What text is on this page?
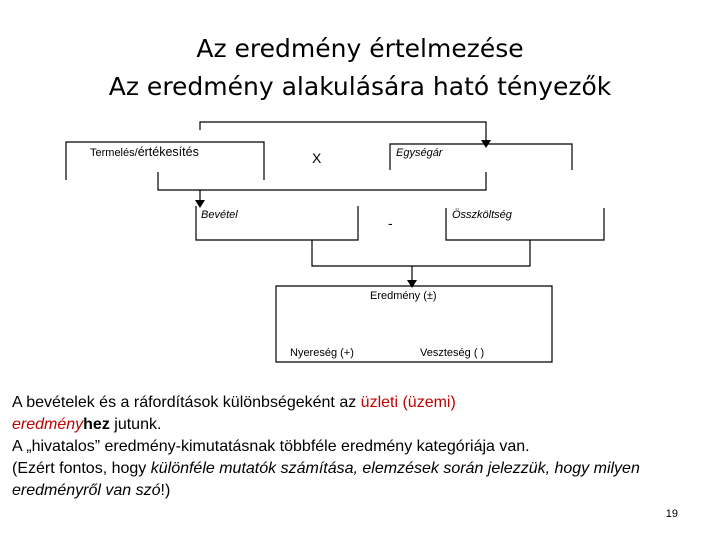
Az eredmény értelmezése
Az eredmény alakulására ható tényezők
Termelés/értékesítés	X	Egységár
Bevétel	-	Összköltség
Eredmény (±)
Nyereség (+)	Veszteség ( )
A bevételek és a ráfordítások különbségeként az üzleti (üzemi)
eredményhez jutunk.
A „hivatalos” eredmény-kimutatásnak többféle eredmény kategóriája van.
(Ezért fontos, hogy különféle mutatók számítása, elemzések során jelezzük, hogy milyen eredményről van szó!)
19
